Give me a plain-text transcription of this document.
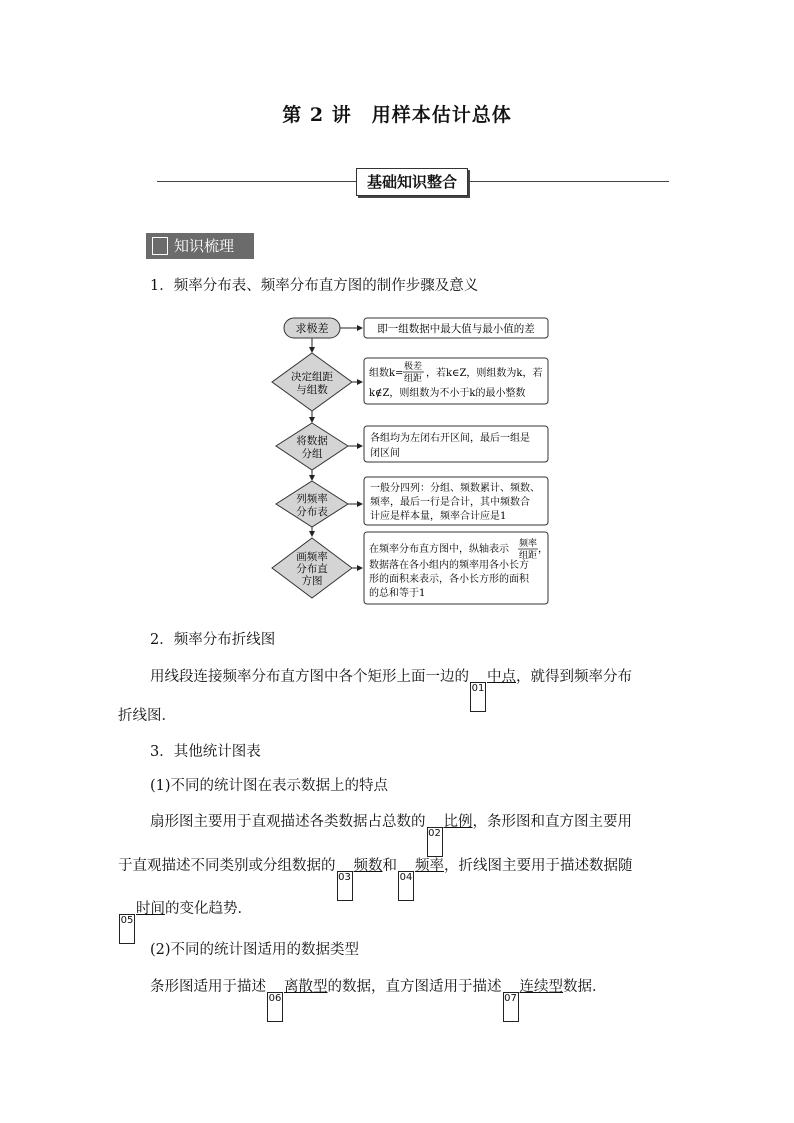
第 2 讲　用样本估计总体
基础知识整合
知识梳理
1．频率分布表、频率分布直方图的制作步骤及意义
求极差	即一组数据中最大值与最小值的差
决定组距
与组数
组数k=
极差
组距 ，若k∈Z，则组数为k，若
k∉Z，则组数为不小于k的最小整数
将数据
分组
各组均为左闭右开区间，最后一组是
闭区间
列频率
分布表
一般分四列：分组、频数累计、频数、
频率，最后一行是合计，其中频数合
计应是样本量，频率合计应是1
画频率
分布直
方图
在频率分布直方图中，纵轴表示 频率
组距
，
数据落在各小组内的频率用各小长方
形的面积来表示，各小长方形的面积
的总和等于1
2．频率分布折线图
用线段连接频率分布直方图中各个矩形上面一边的01中点，就得到频率分布
折线图．
3．其他统计图表
(1)不同的统计图在表示数据上的特点
扇形图主要用于直观描述各类数据占总数的02比例，条形图和直方图主要用
于直观描述不同类别或分组数据的03频数和04频率，折线图主要用于描述数据随
05时间的变化趋势．
(2)不同的统计图适用的数据类型
条形图适用于描述06离散型的数据，直方图适用于描述07连续型数据．
